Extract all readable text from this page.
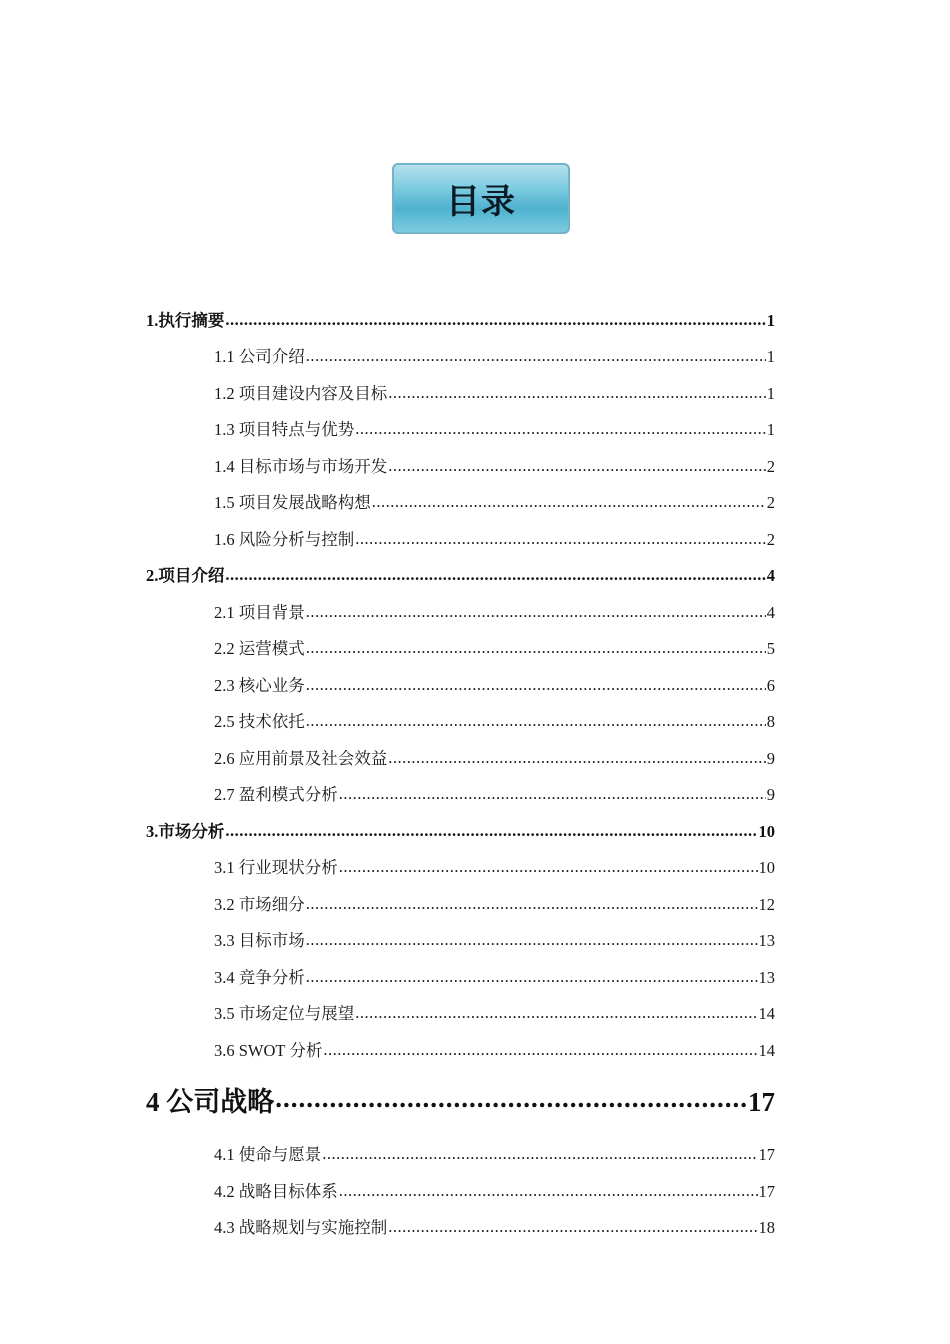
目录
1.执行摘要 .....	1
1.1 公司介绍 .....	1
1.2 项目建设内容及目标 .....	1
1.3 项目特点与优势 .....	1
1.4 目标市场与市场开发 .....	2
1.5 项目发展战略构想 .....	2
1.6 风险分析与控制 .....	2
2.项目介绍 .....	4
2.1 项目背景 .....	4
2.2 运营模式 .....	5
2.3 核心业务 .....	6
2.5 技术依托 .....	8
2.6 应用前景及社会效益 .....	9
2.7 盈利模式分析 .....	9
3.市场分析 .....	10
3.1 行业现状分析 .....	10
3.2 市场细分 .....	12
3.3 目标市场 .....	13
3.4 竞争分析 .....	13
3.5 市场定位与展望 .....	14
3.6 SWOT 分析 .....	14
4 公司战略 .....	17
4.1 使命与愿景 .....	17
4.2 战略目标体系 .....	17
4.3 战略规划与实施控制 .....	18
